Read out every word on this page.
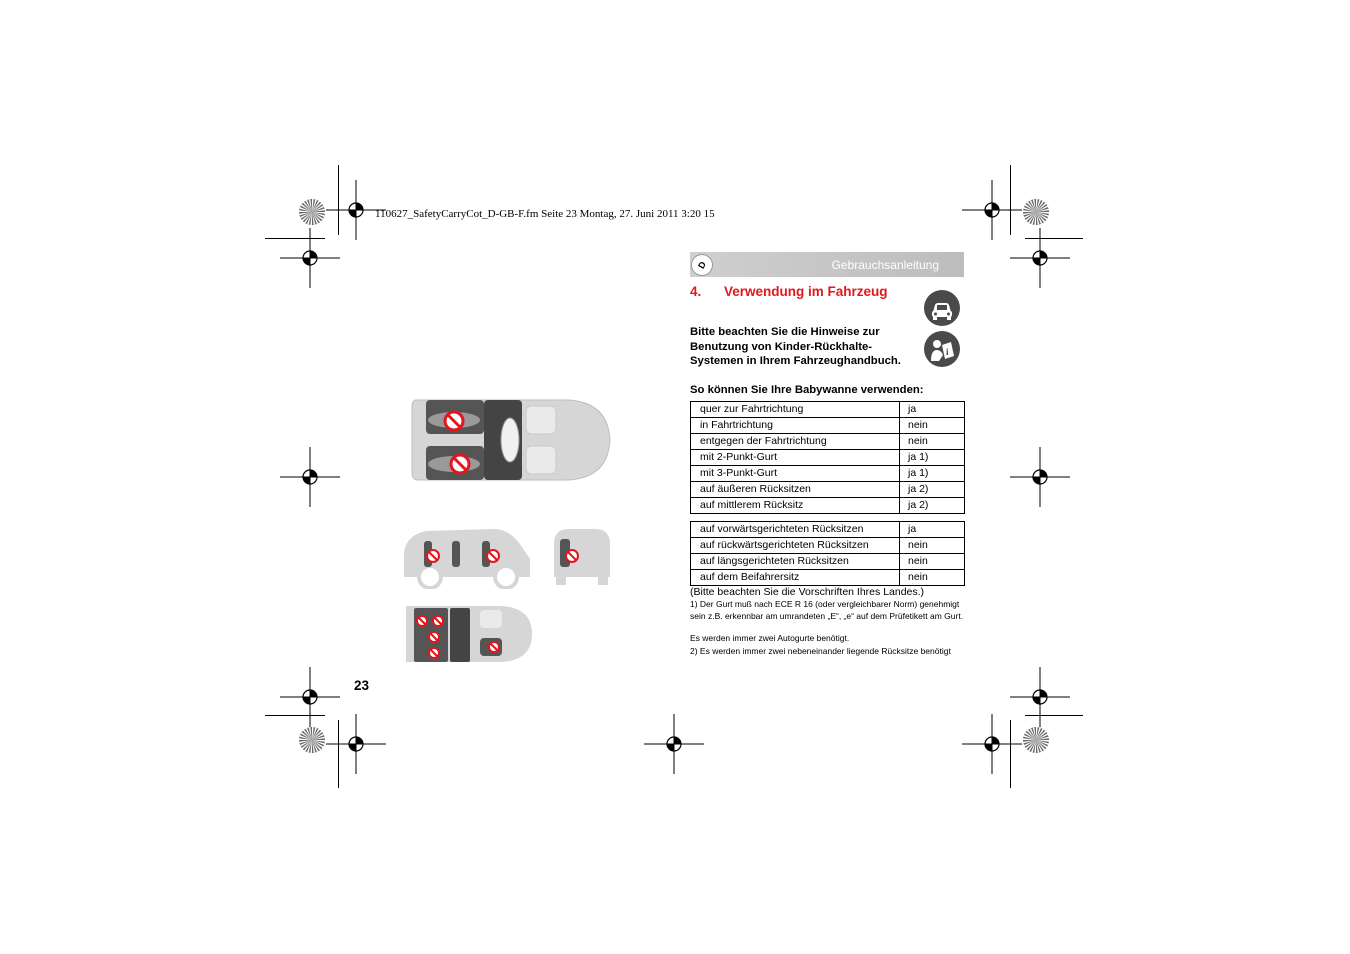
110627_SafetyCarryCot_D-GB-F.fm Seite 23 Montag, 27. Juni 2011 3:20 15
D	Gebrauchsanleitung
4. Verwendung im Fahrzeug
i
Bitte beachten Sie die Hinweise zur Benutzung von Kinder-Rückhalte-Systemen in Ihrem Fahrzeughandbuch.
So können Sie Ihre Babywanne verwenden:
quer zur Fahrtrichtung	ja
in Fahrtrichtung	nein
entgegen der Fahrtrichtung	nein
mit 2-Punkt-Gurt	ja 1)
mit 3-Punkt-Gurt	ja 1)
auf äußeren Rücksitzen	ja 2)
auf mittlerem Rücksitz	ja 2)
auf vorwärtsgerichteten Rücksitzen	ja
auf rückwärtsgerichteten Rücksitzen	nein
auf längsgerichteten Rücksitzen	nein
auf dem Beifahrersitz	nein
(Bitte beachten Sie die Vorschriften Ihres Landes.)
1) Der Gurt muß nach ECE R 16 (oder vergleichbarer Norm) genehmigt sein z.B. erkennbar am umrandeten „E“, „e“ auf dem Prüfetikett am Gurt.
Es werden immer zwei Autogurte benötigt.
2) Es werden immer zwei nebeneinander liegende Rücksitze benötigt
23
